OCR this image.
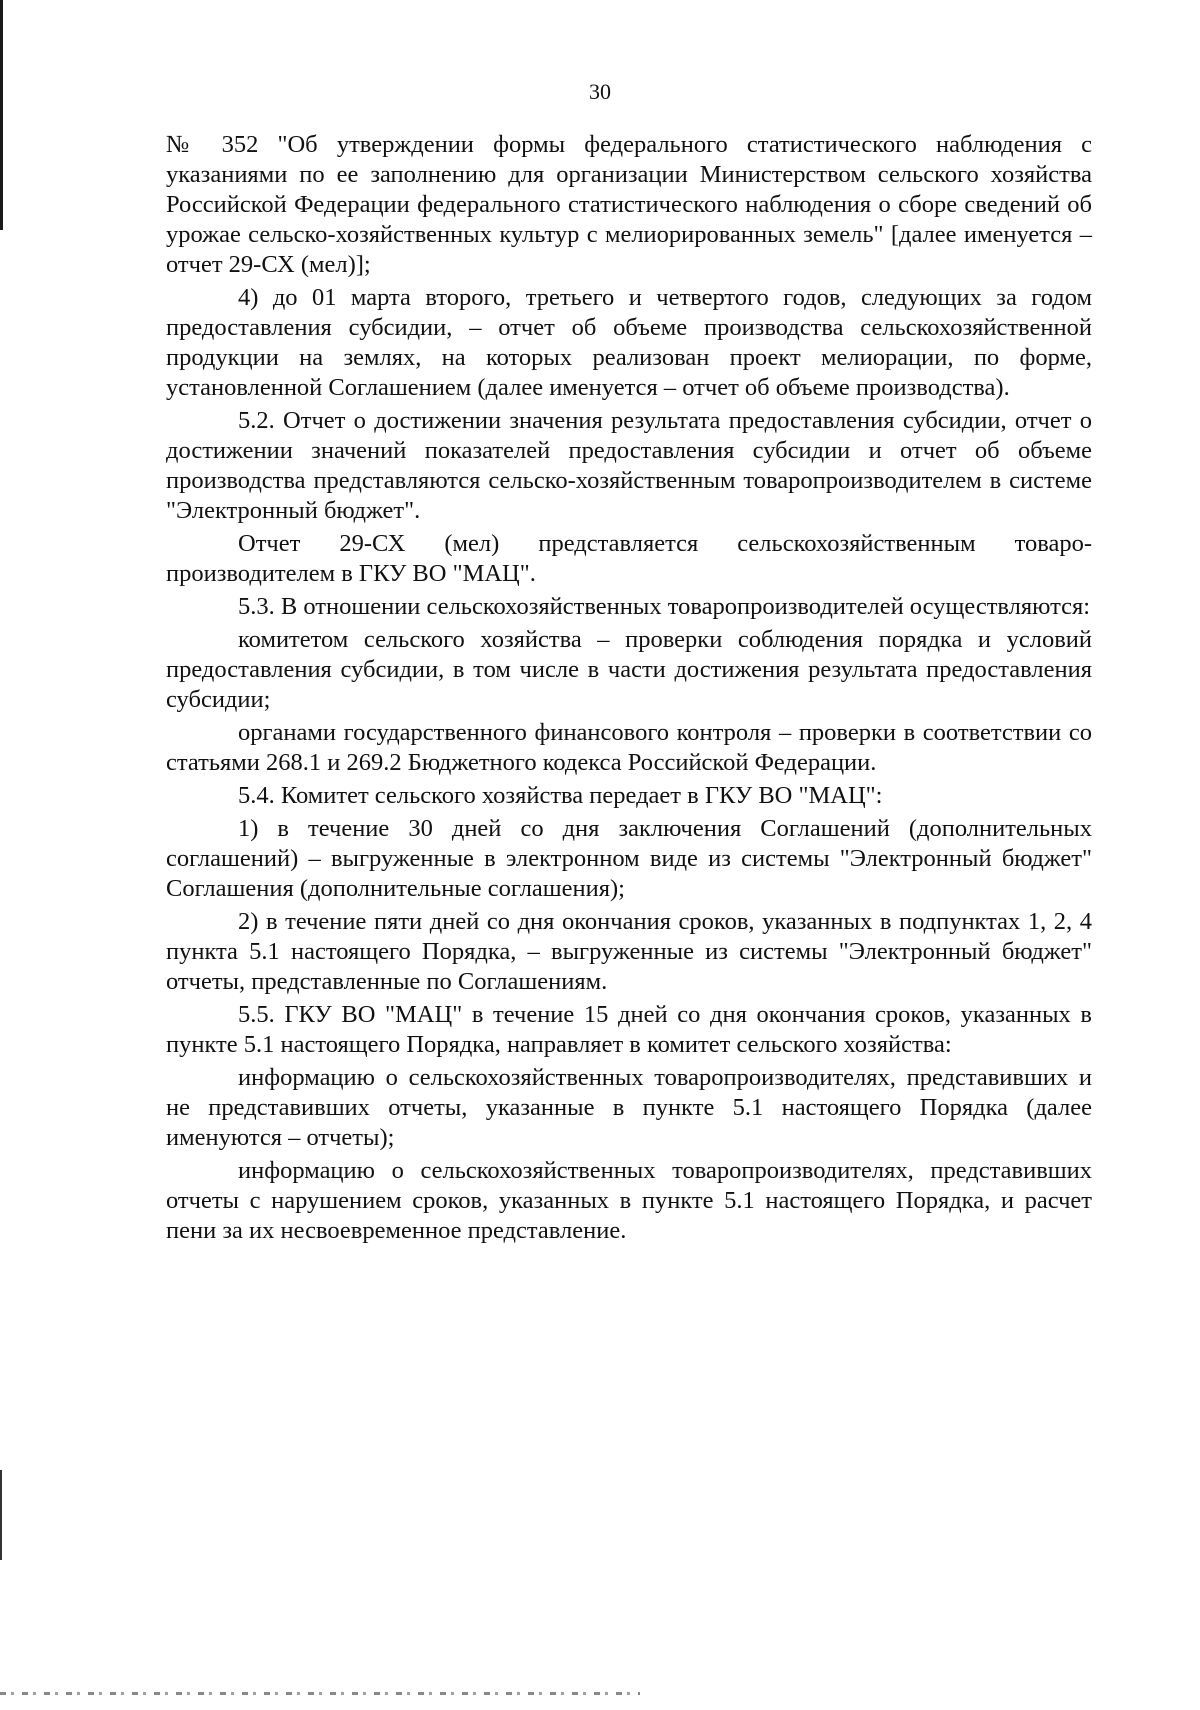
30

№ 352 "Об утверждении формы федерального статистического наблюдения с указаниями по ее заполнению для организации Министерством сельского хозяйства Российской Федерации федерального статистического наблюдения о сборе сведений об урожае сельско-хозяйственных культур с мелиорированных земель" [далее именуется – отчет 29-СХ (мел)];

4) до 01 марта второго, третьего и четвертого годов, следующих за годом предоставления субсидии, – отчет об объеме производства сельскохозяйственной продукции на землях, на которых реализован проект мелиорации, по форме, установленной Соглашением (далее именуется – отчет об объеме производства).

5.2. Отчет о достижении значения результата предоставления субсидии, отчет о достижении значений показателей предоставления субсидии и отчет об объеме производства представляются сельско-хозяйственным товаропроизводителем в системе "Электронный бюджет".

Отчет 29-СХ (мел) представляется сельскохозяйственным товаро-производителем в ГКУ ВО "МАЦ".

5.3. В отношении сельскохозяйственных товаропроизводителей осуществляются:

комитетом сельского хозяйства – проверки соблюдения порядка и условий предоставления субсидии, в том числе в части достижения результата предоставления субсидии;

органами государственного финансового контроля – проверки в соответствии со статьями 268.1 и 269.2 Бюджетного кодекса Российской Федерации.

5.4. Комитет сельского хозяйства передает в ГКУ ВО "МАЦ":

1) в течение 30 дней со дня заключения Соглашений (дополнительных соглашений) – выгруженные в электронном виде из системы "Электронный бюджет" Соглашения (дополнительные соглашения);

2) в течение пяти дней со дня окончания сроков, указанных в подпунктах 1, 2, 4 пункта 5.1 настоящего Порядка, – выгруженные из системы "Электронный бюджет" отчеты, представленные по Соглашениям.

5.5. ГКУ ВО "МАЦ" в течение 15 дней со дня окончания сроков, указанных в пункте 5.1 настоящего Порядка, направляет в комитет сельского хозяйства:

информацию о сельскохозяйственных товаропроизводителях, представивших и не представивших отчеты, указанные в пункте 5.1 настоящего Порядка (далее именуются – отчеты);

информацию о сельскохозяйственных товаропроизводителях, представивших отчеты с нарушением сроков, указанных в пункте 5.1 настоящего Порядка, и расчет пени за их несвоевременное представление.
